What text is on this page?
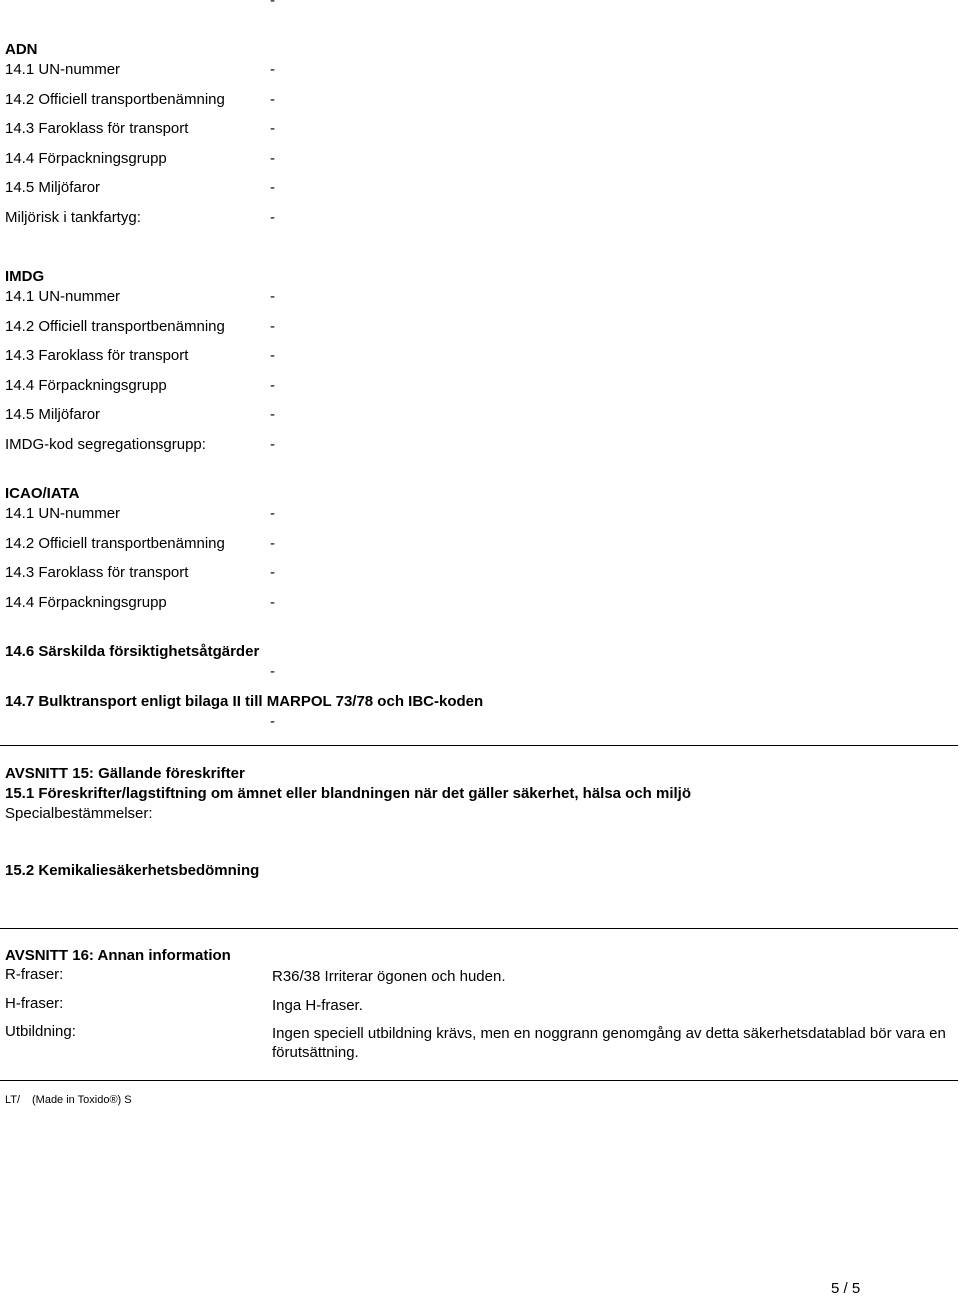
-
ADN
14.1 UN-nummer	-
14.2 Officiell transportbenämning	-
14.3 Faroklass för transport	-
14.4 Förpackningsgrupp	-
14.5 Miljöfaror	-
Miljörisk i tankfartyg:	-
IMDG
14.1 UN-nummer	-
14.2 Officiell transportbenämning	-
14.3 Faroklass för transport	-
14.4 Förpackningsgrupp	-
14.5 Miljöfaror	-
IMDG-kod segregationsgrupp:	-
ICAO/IATA
14.1 UN-nummer	-
14.2 Officiell transportbenämning	-
14.3 Faroklass för transport	-
14.4 Förpackningsgrupp	-
14.6 Särskilda försiktighetsåtgärder
-
14.7 Bulktransport enligt bilaga II till MARPOL 73/78 och IBC-koden
-
AVSNITT 15: Gällande föreskrifter
15.1 Föreskrifter/lagstiftning om ämnet eller blandningen när det gäller säkerhet, hälsa och miljö
Specialbestämmelser:
15.2 Kemikaliesäkerhetsbedömning
AVSNITT 16: Annan information
R-fraser:	R36/38 Irriterar ögonen och huden.
H-fraser:	Inga H-fraser.
Utbildning:	Ingen speciell utbildning krävs, men en noggrann genomgång av detta säkerhetsdatablad bör vara en förutsättning.
LT/ (Made in Toxido®) S
5 / 5
